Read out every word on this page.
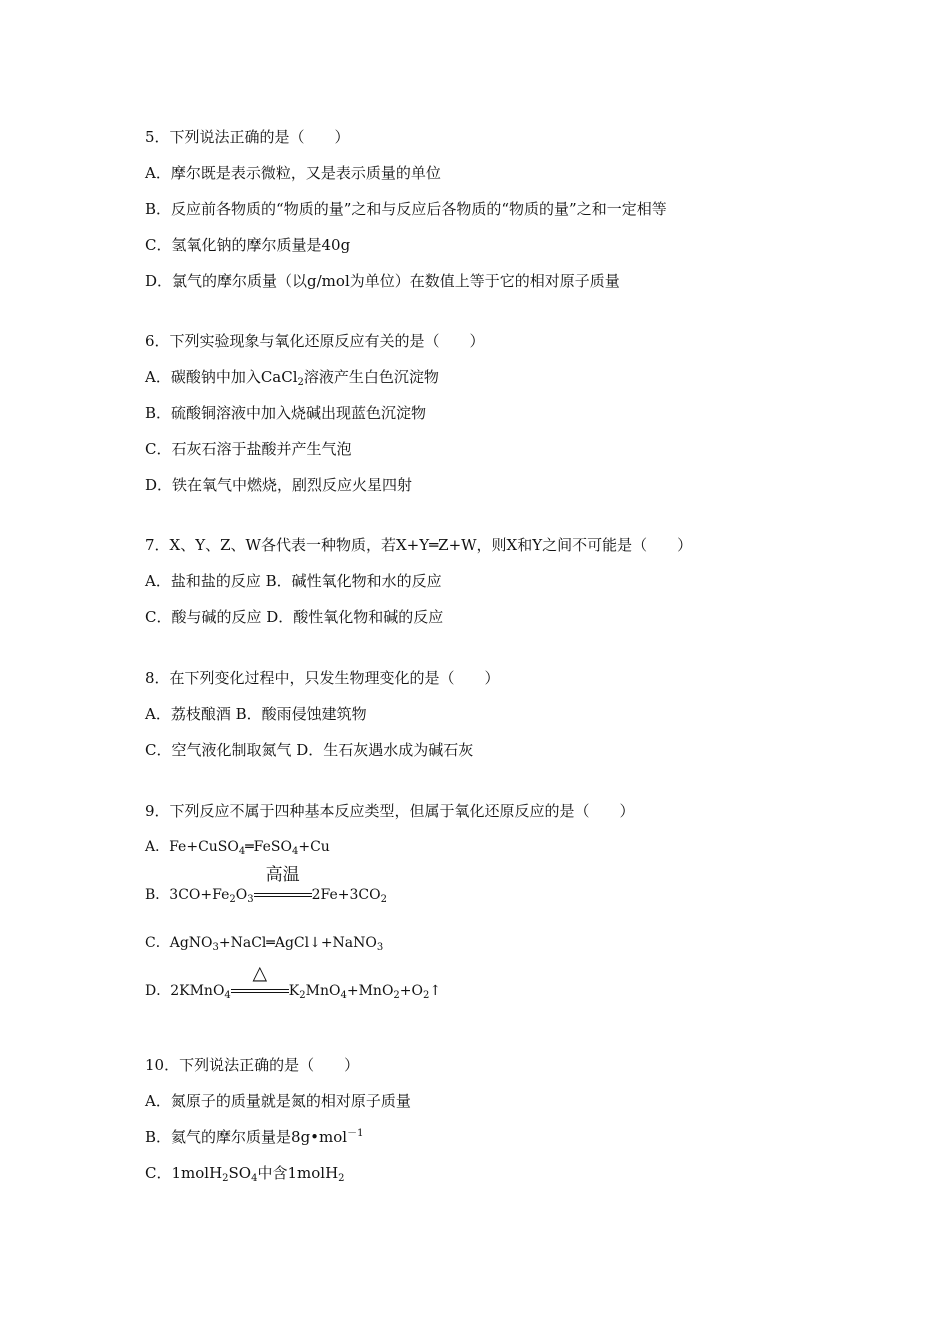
5．下列说法正确的是（　　）
A．摩尔既是表示微粒，又是表示质量的单位
B．反应前各物质的“物质的量”之和与反应后各物质的“物质的量”之和一定相等
C．氢氧化钠的摩尔质量是40g
D．氯气的摩尔质量（以g/mol为单位）在数值上等于它的相对原子质量
6．下列实验现象与氧化还原反应有关的是（　　）
A．碳酸钠中加入CaCl$_2$溶液产生白色沉淀物
B．硫酸铜溶液中加入烧碱出现蓝色沉淀物
C．石灰石溶于盐酸并产生气泡
D．铁在氧气中燃烧，剧烈反应火星四射
7．X、Y、Z、W各代表一种物质，若X+Y═Z+W，则X和Y之间不可能是（　　）
A．盐和盐的反应 B．碱性氧化物和水的反应
C．酸与碱的反应 D．酸性氧化物和碱的反应
8．在下列变化过程中，只发生物理变化的是（　　）
A．荔枝酿酒 B．酸雨侵蚀建筑物
C．空气液化制取氮气 D．生石灰遇水成为碱石灰
9．下列反应不属于四种基本反应类型，但属于氧化还原反应的是（　　）
A．Fe+CuSO$_4$═FeSO$_4$+Cu
B．$3CO+Fe_2O_3$
高温
$2Fe+3CO_2$
C．AgNO$_3$+NaCl═AgCl↓+NaNO$_3$
D．2KMnO$_4$
△
$K_2MnO_4+MnO_2+O_2↑$
10．下列说法正确的是（　　）
A．氮原子的质量就是氮的相对原子质量
B．氦气的摩尔质量是8g•mol$^{-1}$
C．$1molH_2SO_4$中含1molH$_2$
